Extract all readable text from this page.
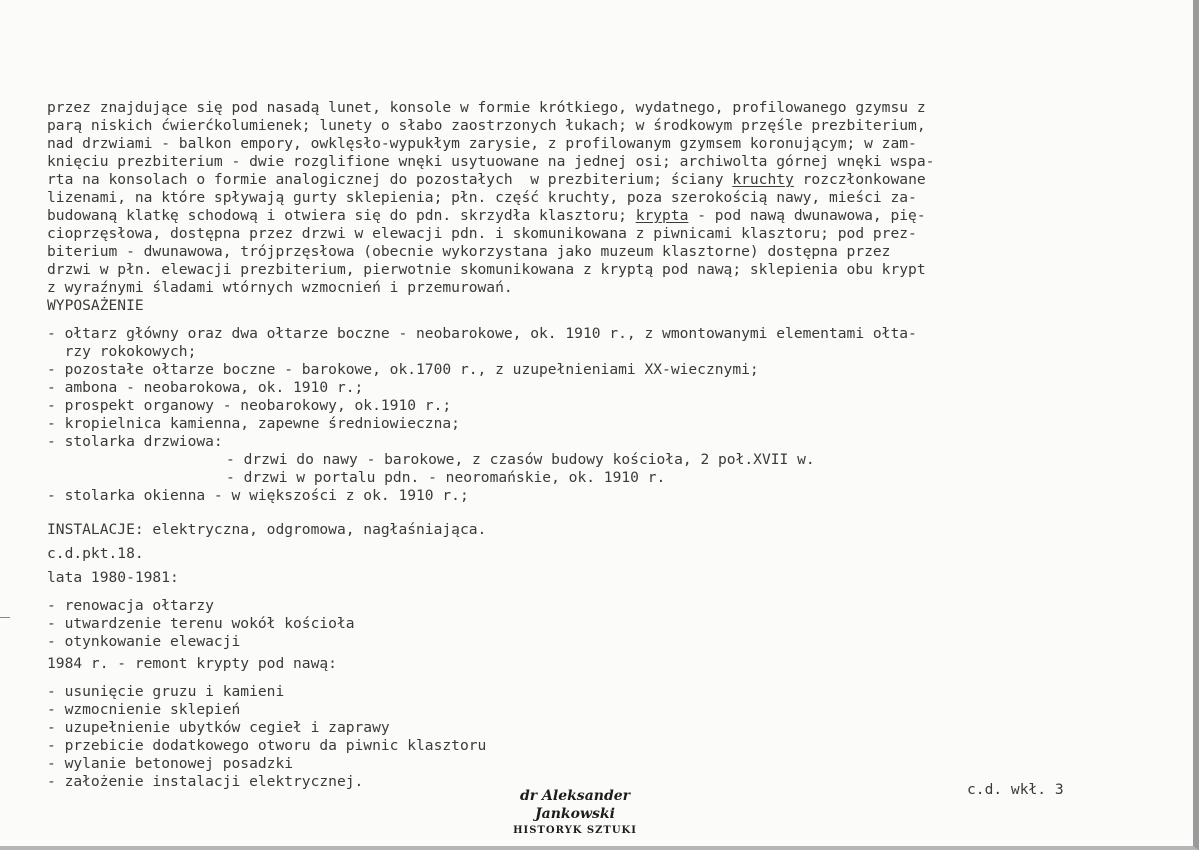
przez znajdujące się pod nasadą lunet, konsole w formie krótkiego, wydatnego, profilowanego gzymsu z
parą niskich ćwierćkolumienek; lunety o słabo zaostrzonych łukach; w środkowym przęśle prezbiterium,
nad drzwiami - balkon empory, owklęsło-wypukłym zarysie, z profilowanym gzymsem koronującym; w zam-
knięciu prezbiterium - dwie rozglifione wnęki usytuowane na jednej osi; archiwolta górnej wnęki wspa-
rta na konsolach o formie analogicznej do pozostałych  w prezbiterium; ściany kruchty rozczłonkowane
lizenami, na które spływają gurty sklepienia; płn. część kruchty, poza szerokością nawy, mieści za-
budowaną klatkę schodową i otwiera się do pdn. skrzydła klasztoru; krypta - pod nawą dwunawowa, pię-
cioprzęsłowa, dostępna przez drzwi w elewacji pdn. i skomunikowana z piwnicami klasztoru; pod prez-
biterium - dwunawowa, trójprzęsłowa (obecnie wykorzystana jako muzeum klasztorne) dostępna przez
drzwi w płn. elewacji prezbiterium, pierwotnie skomunikowana z kryptą pod nawą; sklepienia obu krypt
z wyraźnymi śladami wtórnych wzmocnień i przemurowań.
WYPOSAŻENIE
- ołtarz główny oraz dwa ołtarze boczne - neobarokowe, ok. 1910 r., z wmontowanymi elementami ołta-
rzy rokokowych;
- pozostałe ołtarze boczne - barokowe, ok.1700 r., z uzupełnieniami XX-wiecznymi;
- ambona - neobarokowa, ok. 1910 r.;
- prospekt organowy - neobarokowy, ok.1910 r.;
- kropielnica kamienna, zapewne średniowieczna;
- stolarka drzwiowa:
- drzwi do nawy - barokowe, z czasów budowy kościoła, 2 poł.XVII w.
- drzwi w portalu pdn. - neoromańskie, ok. 1910 r.
- stolarka okienna - w większości z ok. 1910 r.;
INSTALACJE: elektryczna, odgromowa, nagłaśniająca.
c.d.pkt.18.
lata 1980-1981:
- renowacja ołtarzy
- utwardzenie terenu wokół kościoła
- otynkowanie elewacji
1984 r. - remont krypty pod nawą:
- usunięcie gruzu i kamieni
- wzmocnienie sklepień
- uzupełnienie ubytków cegieł i zaprawy
- przebicie dodatkowego otworu da piwnic klasztoru
- wylanie betonowej posadzki
- założenie instalacji elektrycznej.
dr Aleksander Jankowski
HISTORYK SZTUKI
c.d. wkł. 3
